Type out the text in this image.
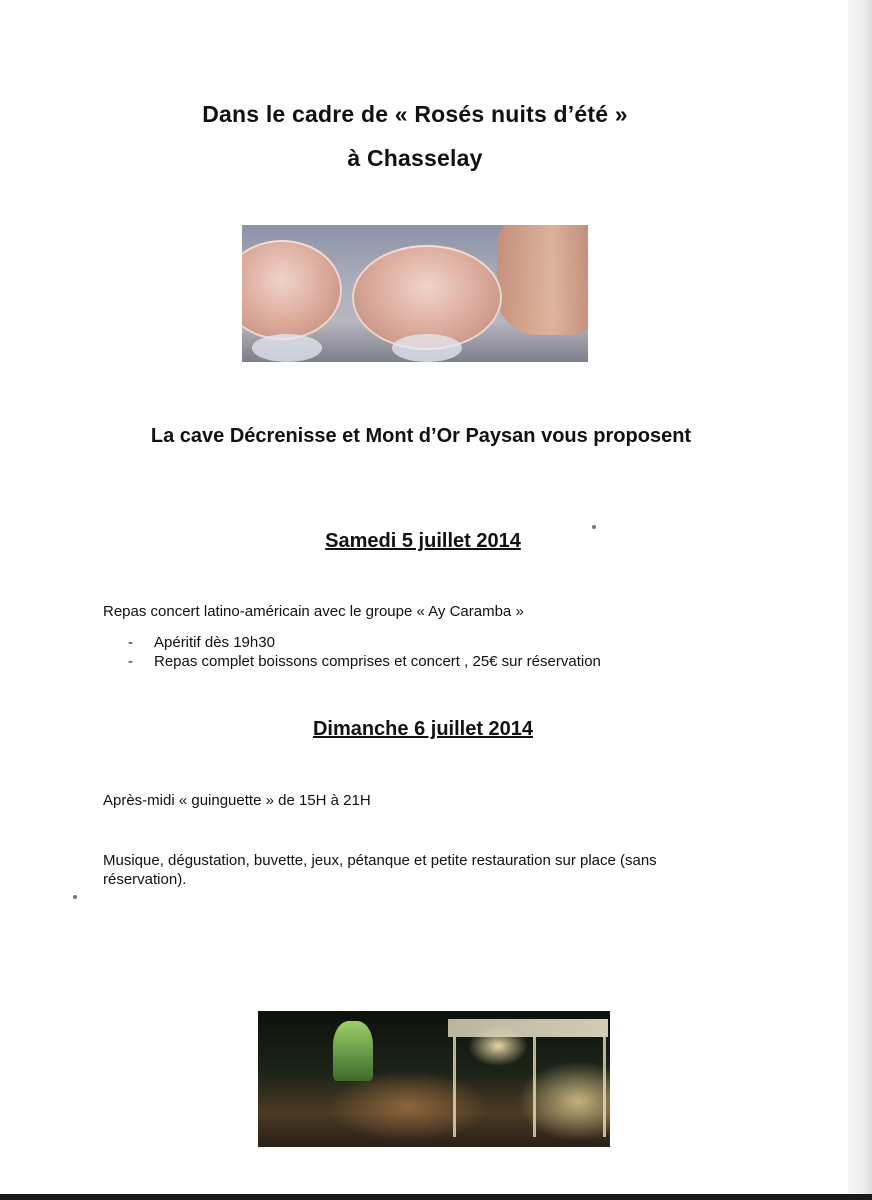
Dans le cadre de « Rosés nuits d’été »
à Chasselay
La cave Décrenisse et Mont d’Or Paysan vous proposent
Samedi 5 juillet 2014
Repas concert latino-américain avec le groupe « Ay Caramba »
- Apéritif dès 19h30
- Repas complet boissons comprises et concert , 25€ sur réservation
Dimanche 6 juillet 2014
Après-midi « guinguette » de 15H à 21H
Musique, dégustation, buvette, jeux, pétanque et petite restauration sur place (sans réservation).
